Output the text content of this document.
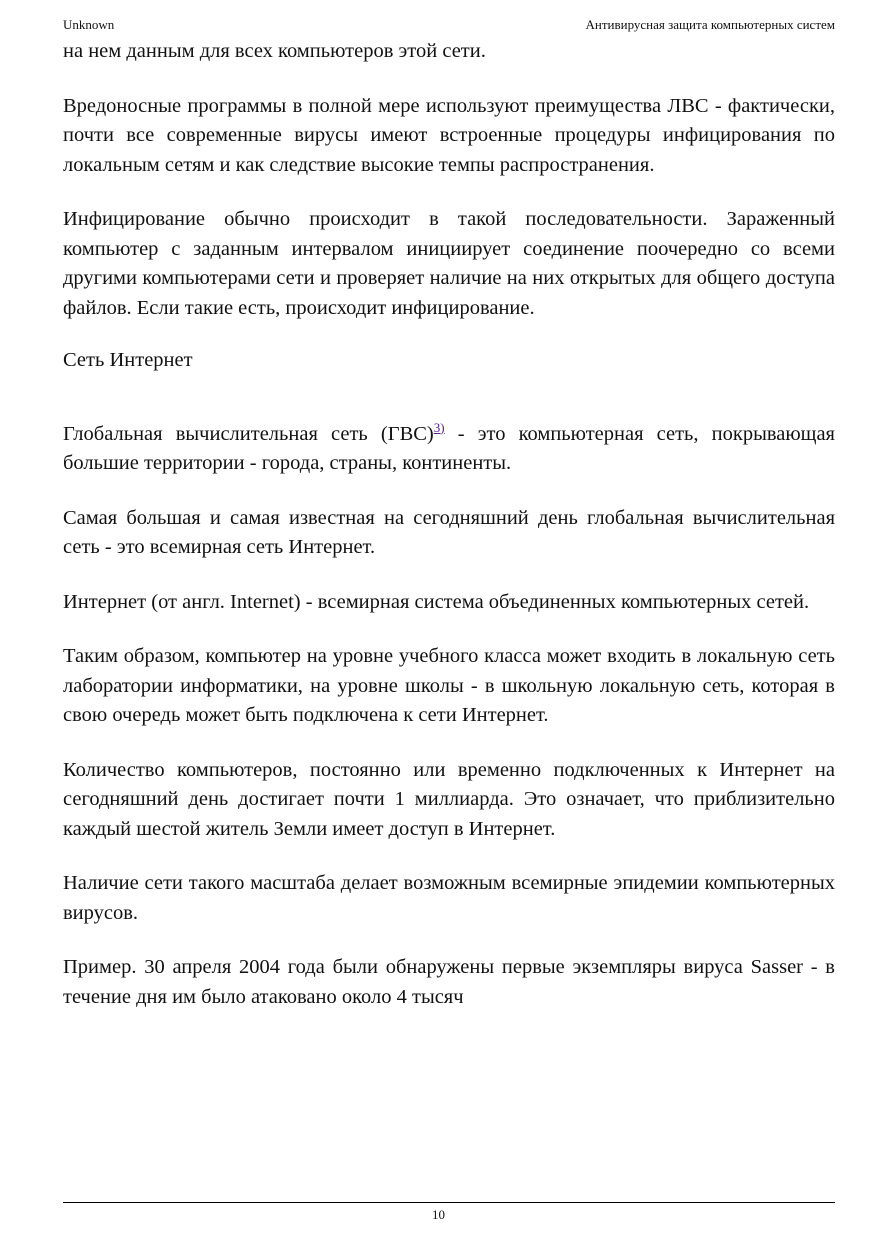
Unknown	Антивирусная защита компьютерных систем

на нем данным для всех компьютеров этой сети.

Вредоносные программы в полной мере используют преимущества ЛВС - фактически, почти все современные вирусы имеют встроенные процедуры инфицирования по локальным сетям и как следствие высокие темпы распространения.

Инфицирование обычно происходит в такой последовательности. Зараженный компьютер с заданным интервалом инициирует соединение поочередно со всеми другими компьютерами сети и проверяет наличие на них открытых для общего доступа файлов. Если такие есть, происходит инфицирование.

Сеть Интернет

Глобальная вычислительная сеть (ГВС)$^{3)}$ - это компьютерная сеть, покрывающая большие территории - города, страны, континенты.

Самая большая и самая известная на сегодняшний день глобальная вычислительная сеть - это всемирная сеть Интернет.

Интернет (от англ. Internet) - всемирная система объединенных компьютерных сетей.

Таким образом, компьютер на уровне учебного класса может входить в локальную сеть лаборатории информатики, на уровне школы - в школьную локальную сеть, которая в свою очередь может быть подключена к сети Интернет.

Количество компьютеров, постоянно или временно подключенных к Интернет на сегодняшний день достигает почти 1 миллиарда. Это означает, что приблизительно каждый шестой житель Земли имеет доступ в Интернет.

Наличие сети такого масштаба делает возможным всемирные эпидемии компьютерных вирусов.

Пример. 30 апреля 2004 года были обнаружены первые экземпляры вируса Sasser - в течение дня им было атаковано около 4 тысяч

10
